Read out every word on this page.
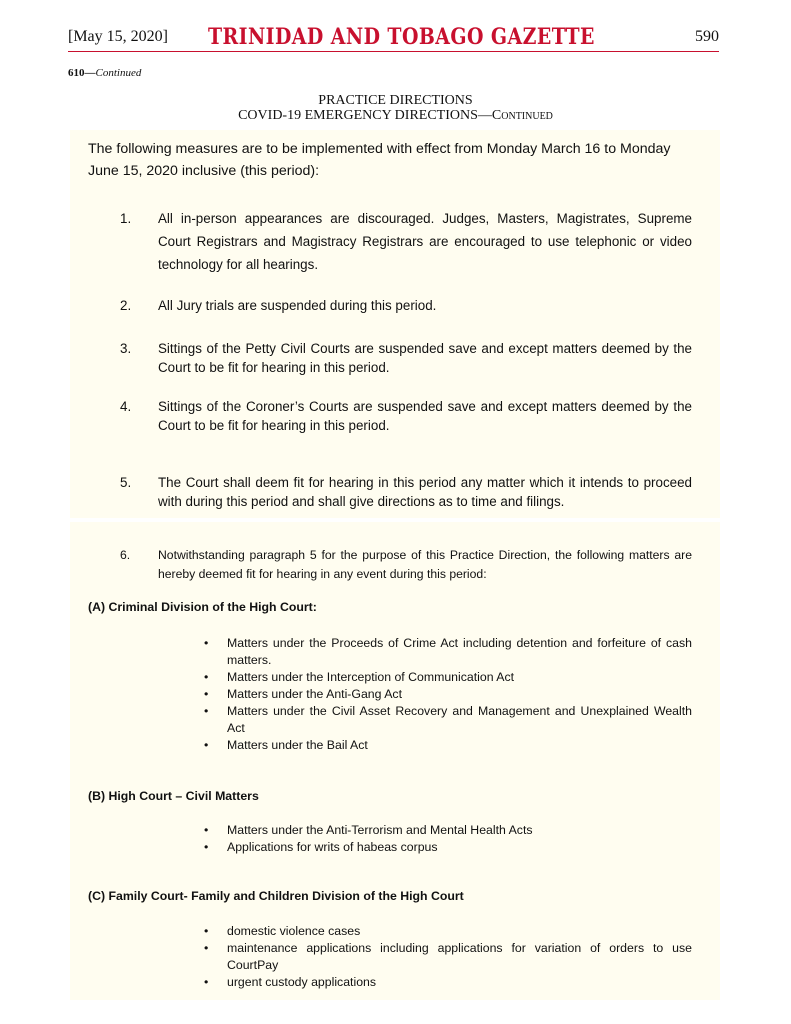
[May 15, 2020] TRINIDAD AND TOBAGO GAZETTE	590
610—Continued
PRACTICE DIRECTIONS
COVID-19 EMERGENCY DIRECTIONS—CONTINUED
The following measures are to be implemented with effect from Monday March 16 to Monday June 15, 2020 inclusive (this period):
1. All in-person appearances are discouraged. Judges, Masters, Magistrates, Supreme Court Registrars and Magistracy Registrars are encouraged to use telephonic or video technology for all hearings.
2. All Jury trials are suspended during this period.
3. Sittings of the Petty Civil Courts are suspended save and except matters deemed by the Court to be fit for hearing in this period.
4. Sittings of the Coroner’s Courts are suspended save and except matters deemed by the Court to be fit for hearing in this period.
5. The Court shall deem fit for hearing in this period any matter which it intends to proceed with during this period and shall give directions as to time and filings.
6. Notwithstanding paragraph 5 for the purpose of this Practice Direction, the following matters are hereby deemed fit for hearing in any event during this period:
(A) Criminal Division of the High Court:
• Matters under the Proceeds of Crime Act including detention and forfeiture of cash matters.
• Matters under the Interception of Communication Act
• Matters under the Anti-Gang Act
• Matters under the Civil Asset Recovery and Management and Unexplained Wealth Act
• Matters under the Bail Act
(B) High Court – Civil Matters
• Matters under the Anti-Terrorism and Mental Health Acts
• Applications for writs of habeas corpus
(C) Family Court- Family and Children Division of the High Court
• domestic violence cases
• maintenance applications including applications for variation of orders to use CourtPay
• urgent custody applications
